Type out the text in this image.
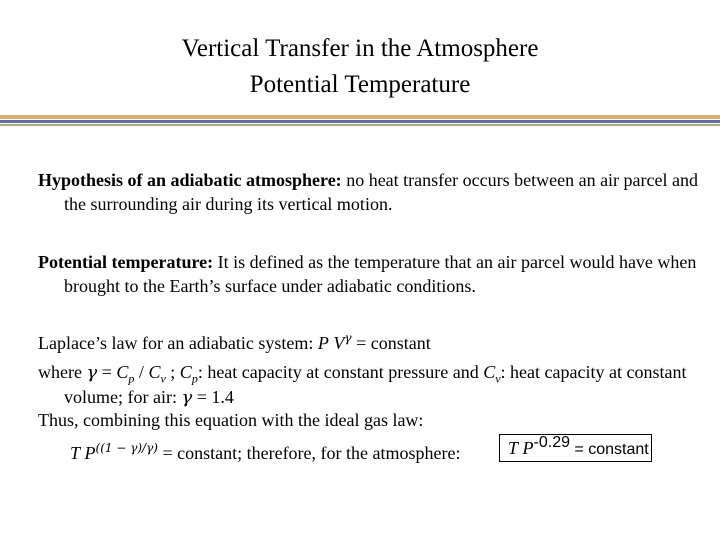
Vertical Transfer in the Atmosphere
Potential Temperature
Hypothesis of an adiabatic atmosphere: no heat transfer occurs between an air parcel and the surrounding air during its vertical motion.
Potential temperature: It is defined as the temperature that an air parcel would have when brought to the Earth’s surface under adiabatic conditions.
Laplace’s law for an adiabatic system: P $V^\gamma$ = constant
where $\gamma = C_p / C_v$ ; $C_p$: heat capacity at constant pressure and $C_v$: heat capacity at constant volume; for air: γ = 1.4
Thus, combining this equation with the ideal gas law:
T $P^{((1 - \gamma)/\gamma)}$ = constant; therefore, for the atmosphere:	T $P^{-0.29}$ = constant
